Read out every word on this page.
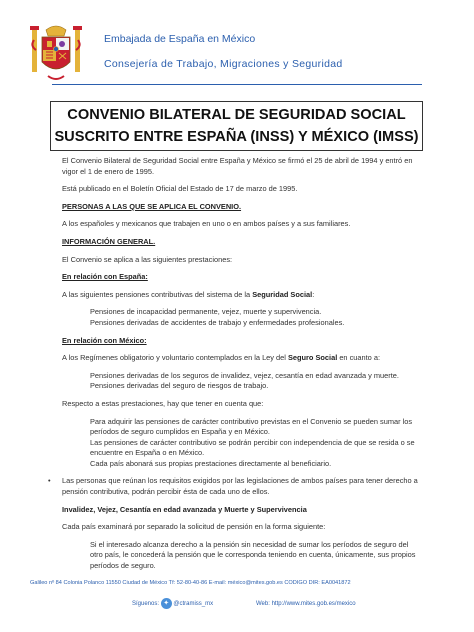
Embajada de España en México
Consejería de Trabajo, Migraciones y Seguridad
CONVENIO BILATERAL DE SEGURIDAD SOCIAL
SUSCRITO ENTRE ESPAÑA (INSS) Y MÉXICO (IMSS)

El Convenio Bilateral de Seguridad Social entre España y México se firmó el 25 de abril de 1994 y entró en vigor el 1 de enero de 1995.

Está publicado en el Boletín Oficial del Estado de 17 de marzo de 1995.

PERSONAS A LAS QUE SE APLICA EL CONVENIO.

A los españoles y mexicanos que trabajen en uno o en ambos países y a sus familiares.

INFORMACIÓN GENERAL.

El Convenio se aplica a las siguientes prestaciones:

En relación con España:

A las siguientes pensiones contributivas del sistema de la Seguridad Social:

Pensiones de incapacidad permanente, vejez, muerte y supervivencia.
Pensiones derivadas de accidentes de trabajo y enfermedades profesionales.

En relación con México:

A los Regímenes obligatorio y voluntario contemplados en la Ley del Seguro Social en cuanto a:

Pensiones derivadas de los seguros de invalidez, vejez, cesantía en edad avanzada y muerte.
Pensiones derivadas del seguro de riesgos de trabajo.

Respecto a estas prestaciones, hay que tener en cuenta que:

Para adquirir las pensiones de carácter contributivo previstas en el Convenio se pueden sumar los períodos de seguro cumplidos en España y en México.
Las pensiones de carácter contributivo se podrán percibir con independencia de que se resida o se encuentre en España o en México.
Cada país abonará sus propias prestaciones directamente al beneficiario.
• Las personas que reúnan los requisitos exigidos por las legislaciones de ambos países para tener derecho a pensión contributiva, podrán percibir ésta de cada uno de ellos.

Invalidez, Vejez, Cesantía en edad avanzada y Muerte y Supervivencia

Cada país examinará por separado la solicitud de pensión en la forma siguiente:

Si el interesado alcanza derecho a la pensión sin necesidad de sumar los períodos de seguro del otro país, le concederá la pensión que le corresponda teniendo en cuenta, únicamente, sus propios períodos de seguro.
Galileo nº 84 Colonia Polanco 11550 Ciudad de México Tf: 52-80-40-86 E-mail: méxico@mites.gob.es CODIGO DIR: EA0041872
Síguenos: ✦ @ctramiss_mx	Web: http://www.mites.gob.es/mexico
